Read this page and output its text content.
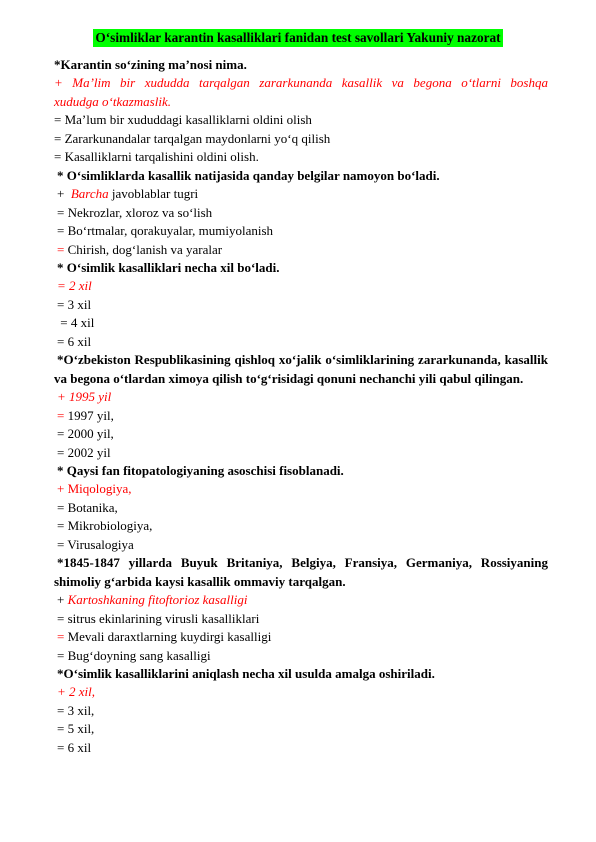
O‘simliklar karantin kasalliklari fanidan test savollari Yakuniy nazorat
*Karantin so‘zining ma’nosi nima.
+ Ma’lim bir xududda tarqalgan zararkunanda kasallik va begona o‘tlarni boshqa
xududga o‘tkazmaslik.
= Ma’lum bir xududdagi kasalliklarni oldini olish
= Zararkunandalar tarqalgan maydonlarni yo‘q qilish
= Kasalliklarni tarqalishini oldini olish.
* O‘simliklarda kasallik natijasida qanday belgilar namoyon bo‘ladi.
+ Barcha javoblablar tugri
= Nekrozlar, xloroz va so‘lish
= Bo‘rtmalar, qorakuyalar, mumiyolanish
= Chirish, dog‘lanish va yaralar
* O‘simlik kasalliklari necha xil bo‘ladi.
= 2 xil
= 3 xil
= 4 xil
= 6 xil
*O‘zbekiston Respublikasining qishloq xo‘jalik o‘simliklarining zararkunanda, kasallik va begona o‘tlardan ximoya qilish to‘g‘risidagi qonuni nechanchi yili qabul qilingan.
+ 1995 yil
= 1997 yil,
= 2000 yil,
= 2002 yil
* Qaysi fan fitopatologiyaning asoschisi fisoblanadi.
+ Miqologiya,
= Botanika,
= Mikrobiologiya,
= Virusalogiya
*1845-1847 yillarda Buyuk Britaniya, Belgiya, Fransiya, Germaniya, Rossiyaning shimoliy g‘arbida kaysi kasallik ommaviy tarqalgan.
+ Kartoshkaning fitoftorioz kasalligi
= sitrus ekinlarining virusli kasalliklari
= Mevali daraxtlarning kuydirgi kasalligi
= Bug‘doyning sang kasalligi
*O‘simlik kasalliklarini aniqlash necha xil usulda amalga oshiriladi.
+ 2 xil,
= 3 xil,
= 5 xil,
= 6 xil
